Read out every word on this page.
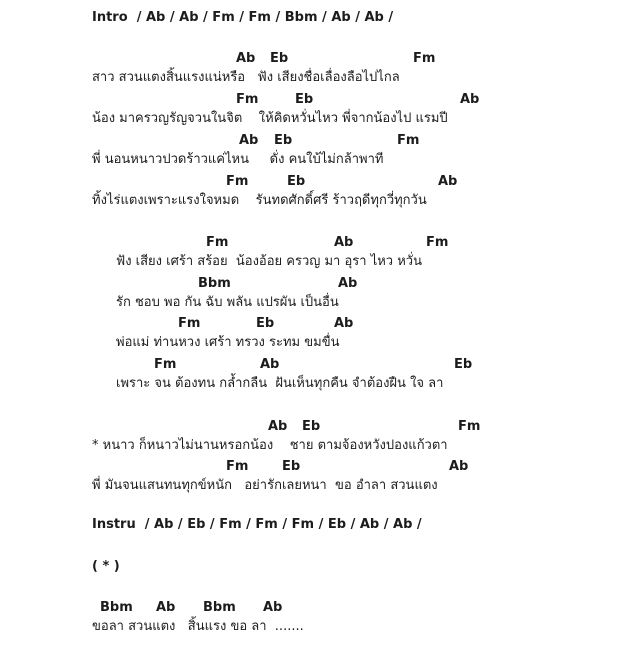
Intro  / Ab / Ab / Fm / Fm / Bbm / Ab / Ab /
Ab Eb	Fm
สาว สวนแตงสิ้นแรงแน่หรือ   ฟัง เสียงชื่อเลื่องลือไปไกล
Fm	Eb	Ab
น้อง มาครวญรัญจวนในจิต    ให้คิดหวั่นไหว พี่จากน้องไป แรมปี
Ab Eb	Fm
พี่ นอนหนาวปวดร้าวแค่ไหน     ดั่ง คนใบ้ไม่กล้าพาที
Fm	Eb	Ab
ทิ้งไร่แตงเพราะแรงใจหมด    รันทดศักดิ์ศรี ร้าวฤดีทุกวี่ทุกวัน
Fm	Ab	Fm
ฟัง เสียง เศร้า สร้อย  น้องอ้อย ครวญ มา อุรา ไหว หวั่น
Bbm	Ab
รัก ชอบ พอ กัน ฉับ พลัน แปรผัน เป็นอื่น
Fm	Eb	Ab
พ่อแม่ ท่านหวง เศร้า ทรวง ระทม ขมขื่น
Fm	Ab	Eb
เพราะ จน ต้องทน กล้ำกลืน  ฝันเห็นทุกคืน จำต้องฝืน ใจ ลา
Ab Eb	Fm
* หนาว ก็หนาวไม่นานหรอกน้อง    ชาย ตามจ้องหวังปองแก้วตา
Fm	Eb	Ab
พี่ มันจนแสนทนทุกข์หนัก   อย่ารักเลยหนา  ขอ อำลา สวนแตง
Instru  / Ab / Eb / Fm / Fm / Fm / Eb / Ab / Ab /
( * )
Bbm Ab Bbm Ab
ขอลา สวนแตง   สิ้นแรง ขอ ลา  .......
